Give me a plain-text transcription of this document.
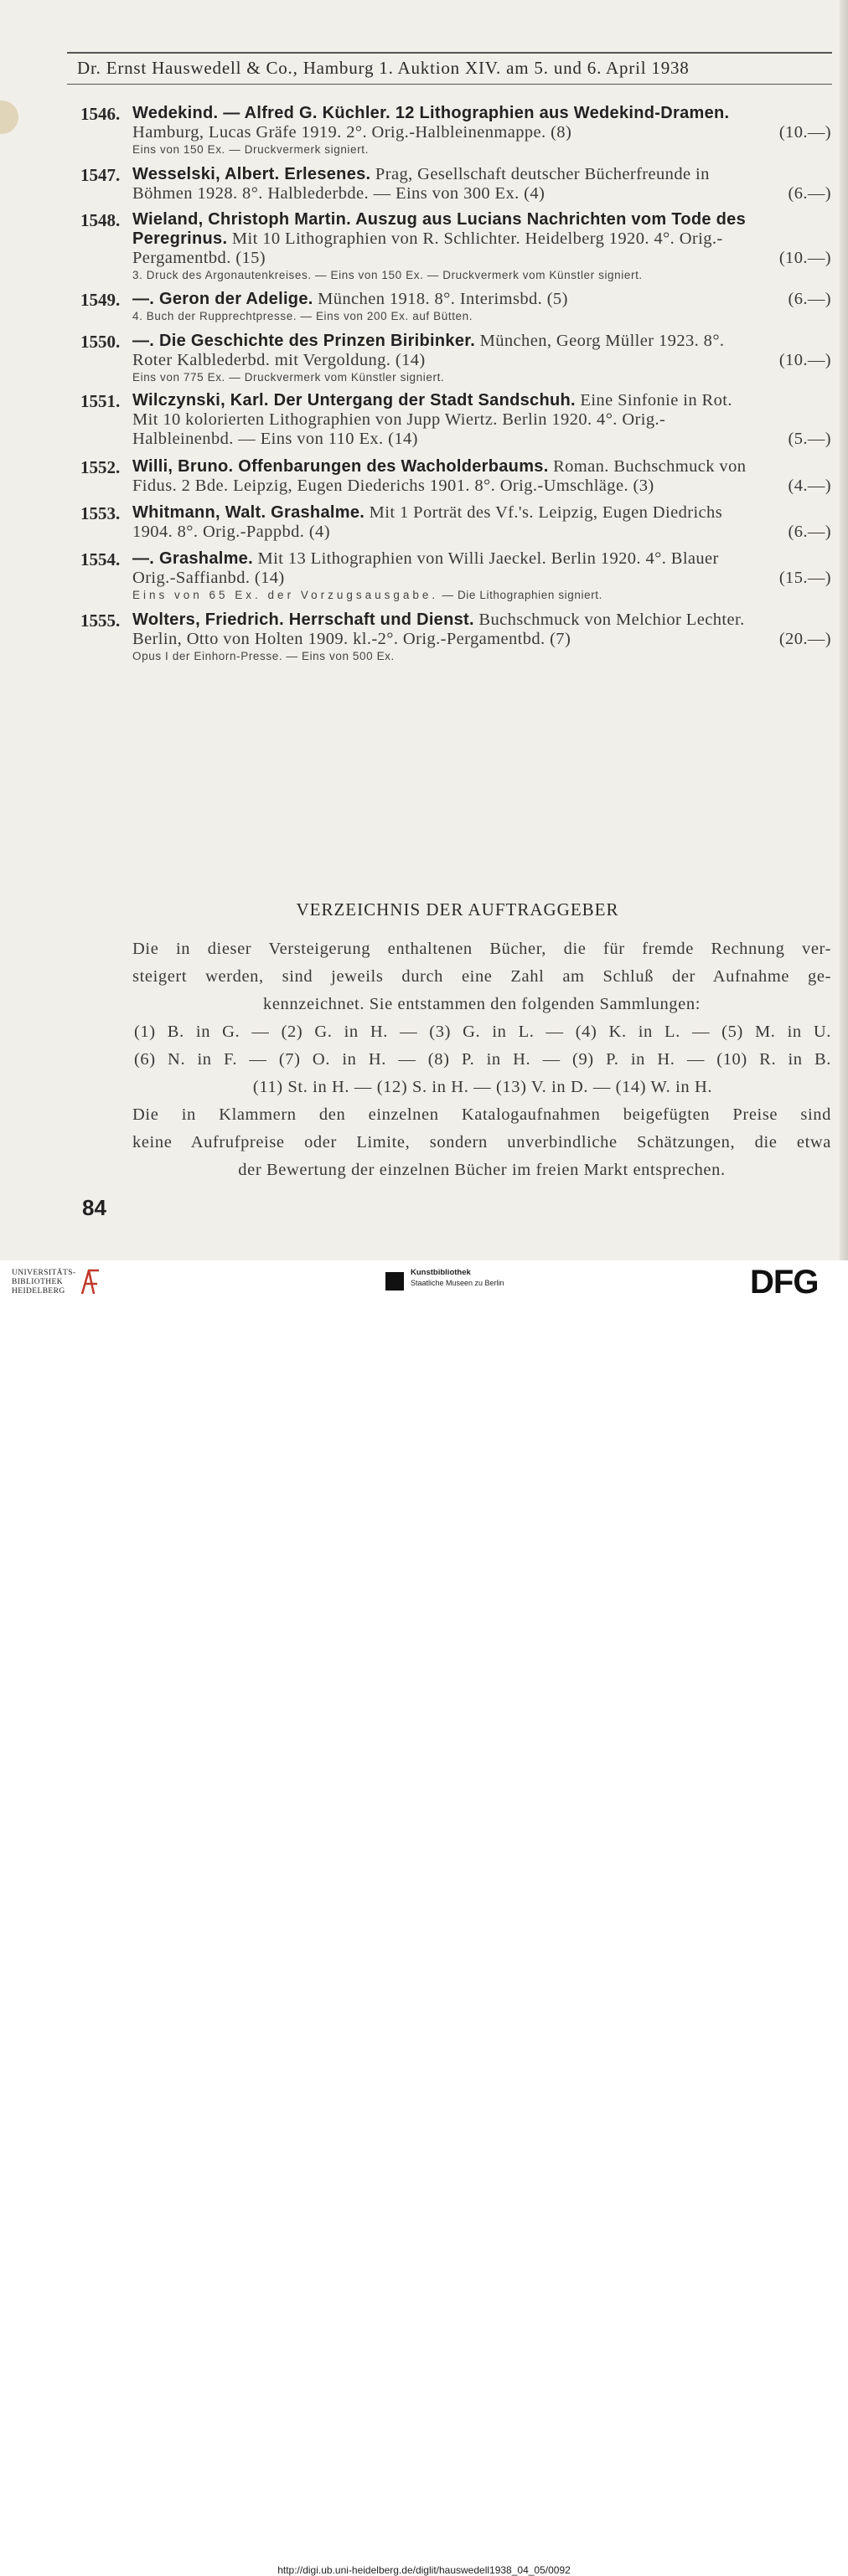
Dr. Ernst Hauswedell & Co., Hamburg 1. Auktion XIV. am 5. und 6. April 1938
1546. Wedekind. — Alfred G. Küchler. 12 Lithographien aus Wedekind-Dramen.
Hamburg, Lucas Gräfe 1919. 2°. Orig.-Halbleinenmappe. (8)	(10.—)
Eins von 150 Ex. — Druckvermerk signiert.
1547. Wesselski, Albert. Erlesenes. Prag, Gesellschaft deutscher Bücherfreunde in
Böhmen 1928. 8°. Halblederbde. — Eins von 300 Ex. (4)	(6.—)
1548. Wieland, Christoph Martin. Auszug aus Lucians Nachrichten vom Tode des
Peregrinus. Mit 10 Lithographien von R. Schlichter. Heidelberg 1920. 4°. Orig.-
Pergamentbd. (15)	(10.—)
3. Druck des Argonautenkreises. — Eins von 150 Ex. — Druckvermerk vom Künstler signiert.
1549. —. Geron der Adelige. München 1918. 8°. Interimsbd. (5)	(6.—)
4. Buch der Rupprechtpresse. — Eins von 200 Ex. auf Bütten.
1550. —. Die Geschichte des Prinzen Biribinker. München, Georg Müller 1923. 8°.
Roter Kalblederbd. mit Vergoldung. (14)	(10.—)
Eins von 775 Ex. — Druckvermerk vom Künstler signiert.
1551. Wilczynski, Karl. Der Untergang der Stadt Sandschuh. Eine Sinfonie in Rot.
Mit 10 kolorierten Lithographien von Jupp Wiertz. Berlin 1920. 4°. Orig.-
Halbleinenbd. — Eins von 110 Ex. (14)	(5.—)
1552. Willi, Bruno. Offenbarungen des Wacholderbaums. Roman. Buchschmuck von
Fidus. 2 Bde. Leipzig, Eugen Diederichs 1901. 8°. Orig.-Umschläge. (3)	(4.—)
1553. Whitmann, Walt. Grashalme. Mit 1 Porträt des Vf.'s. Leipzig, Eugen Diedrichs
1904. 8°. Orig.-Pappbd. (4)	(6.—)
1554. —. Grashalme. Mit 13 Lithographien von Willi Jaeckel. Berlin 1920. 4°. Blauer
Orig.-Saffianbd. (14)	(15.—)
Eins von 65 Ex. der Vorzugsausgabe. — Die Lithographien signiert.
1555. Wolters, Friedrich. Herrschaft und Dienst. Buchschmuck von Melchior Lechter.
Berlin, Otto von Holten 1909. kl.-2°. Orig.-Pergamentbd. (7)	(20.—)
Opus I der Einhorn-Presse. — Eins von 500 Ex.
VERZEICHNIS DER AUFTRAGGEBER
Die in dieser Versteigerung enthaltenen Bücher, die für fremde Rechnung ver-
steigert werden, sind jeweils durch eine Zahl am Schluß der Aufnahme ge-
kennzeichnet. Sie entstammen den folgenden Sammlungen:
(1) B. in G. — (2) G. in H. — (3) G. in L. — (4) K. in L. — (5) M. in U.
(6) N. in F. — (7) O. in H. — (8) P. in H. — (9) P. in H. — (10) R. in B.
(11) St. in H. — (12) S. in H. — (13) V. in D. — (14) W. in H.
Die in Klammern den einzelnen Katalogaufnahmen beigefügten Preise sind
keine Aufrufpreise oder Limite, sondern unverbindliche Schätzungen, die etwa
der Bewertung der einzelnen Bücher im freien Markt entsprechen.
84
UNIVERSITÄTS-
BIBLIOTHEK
HEIDELBERG
Kunstbibliothek
Staatliche Museen zu Berlin	DFG
http://digi.ub.uni-heidelberg.de/diglit/hauswedell1938_04_05/0092
